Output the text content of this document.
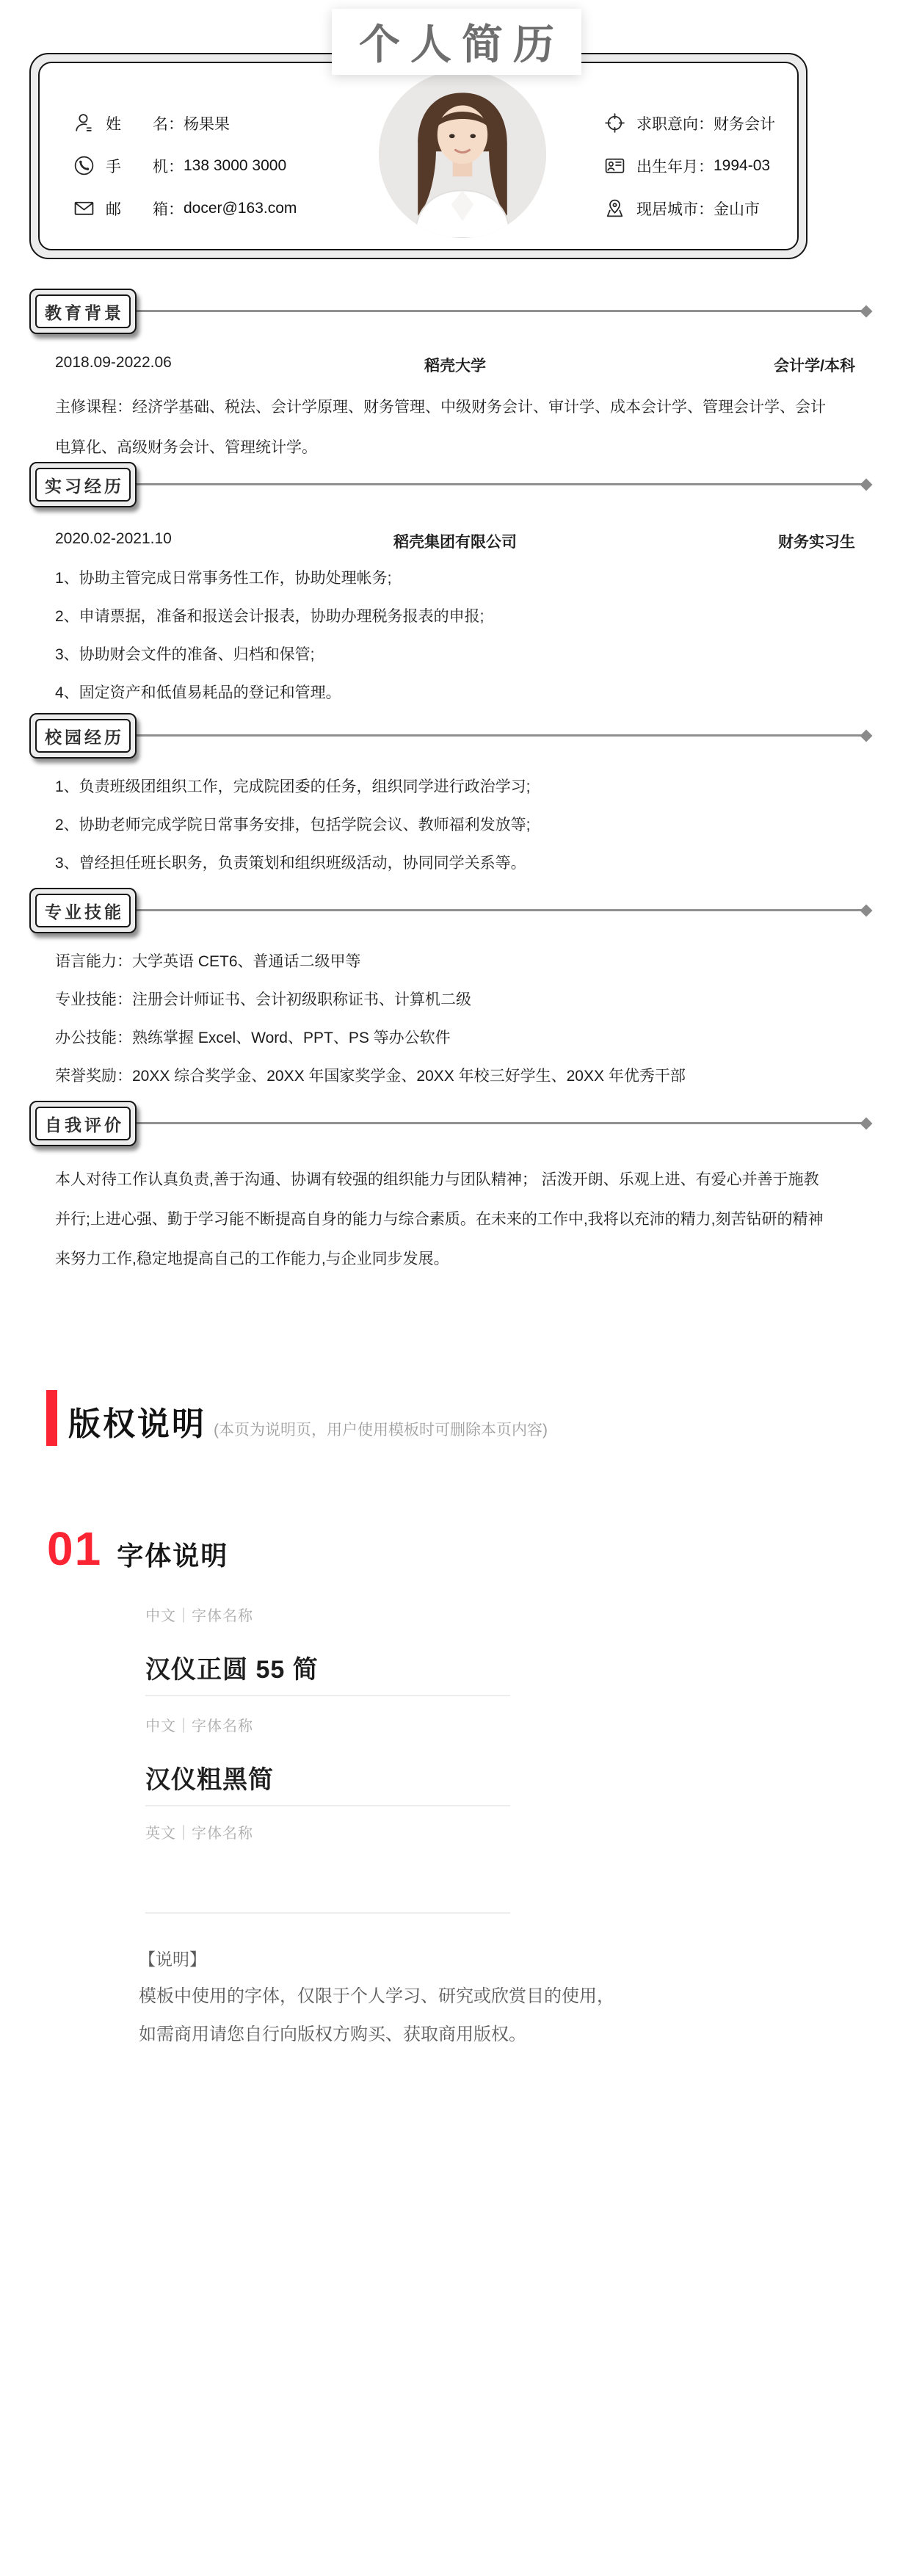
姓	名： 杨果果
手	机： 138 3000 3000
邮	箱： docer@163.com
求职意向： 财务会计
出生年月： 1994-03
现居城市： 金山市
个人简历
教育背景
实习经历
校园经历
专业技能
自我评价
2018.09-2022.06	稻壳大学	会计学/本科

主修课程：经济学基础、税法、会计学原理、财务管理、中级财务会计、审计学、成本会计学、管理会计学、会计

电算化、高级财务会计、管理统计学。

2020.02-2021.10	稻壳集团有限公司	财务实习生

1、协助主管完成日常事务性工作，协助处理帐务;

2、申请票据，准备和报送会计报表，协助办理税务报表的申报;

3、协助财会文件的准备、归档和保管;

4、固定资产和低值易耗品的登记和管理。

1、负责班级团组织工作，完成院团委的任务，组织同学进行政治学习;

2、协助老师完成学院日常事务安排，包括学院会议、教师福利发放等;

3、曾经担任班长职务，负责策划和组织班级活动，协同同学关系等。

语言能力：大学英语 CET6、普通话二级甲等

专业技能：注册会计师证书、会计初级职称证书、计算机二级

办公技能：熟练掌握 Excel、Word、PPT、PS 等办公软件

荣誉奖励：20XX 综合奖学金、20XX 年国家奖学金、20XX 年校三好学生、20XX 年优秀干部

本人对待工作认真负责,善于沟通、协调有较强的组织能力与团队精神； 活泼开朗、乐观上进、有爱心并善于施教

并行;上进心强、勤于学习能不断提高自身的能力与综合素质。在未来的工作中,我将以充沛的精力,刻苦钻研的精神

来努力工作,稳定地提高自己的工作能力,与企业同步发展。

版权说明 (本页为说明页，用户使用模板时可删除本页内容)
01 字体说明
中文｜字体名称
汉仪正圆 55 简
中文｜字体名称
汉仪粗黑简
英文｜字体名称
【说明】

模板中使用的字体，仅限于个人学习、研究或欣赏目的使用，

如需商用请您自行向版权方购买、获取商用版权。
